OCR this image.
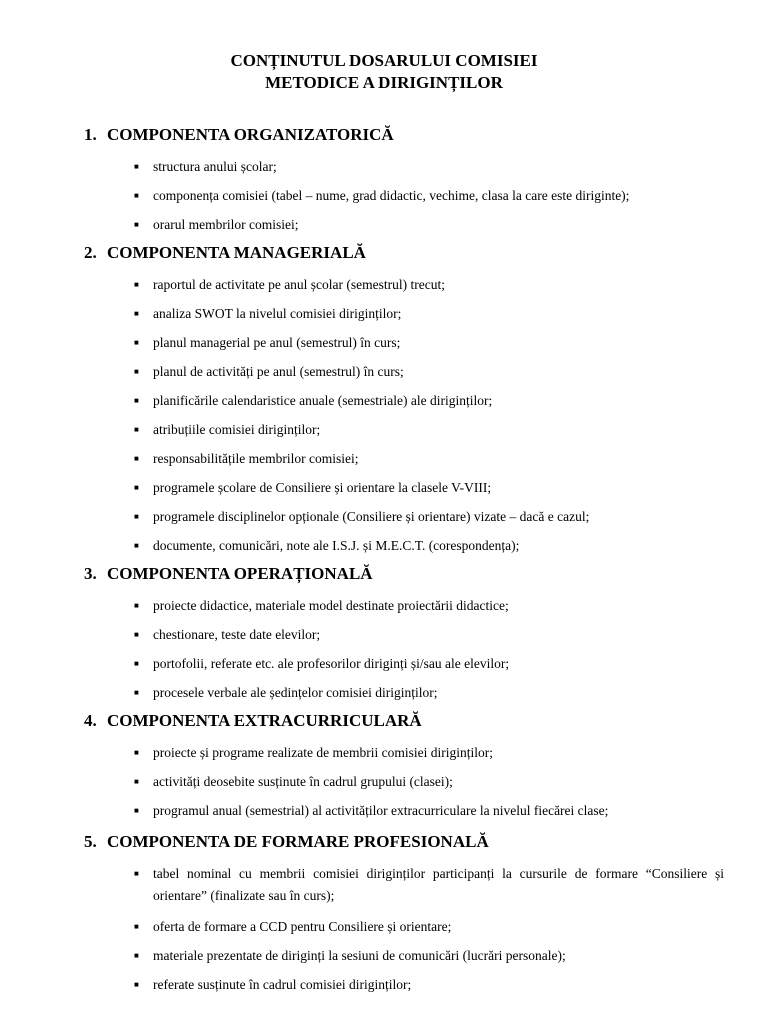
CONȚINUTUL DOSARULUI COMISIEI
METODICE A DIRIGINȚILOR
1. COMPONENTA ORGANIZATORICĂ
■ structura anului școlar;
■ componența comisiei (tabel – nume, grad didactic, vechime, clasa la care este diriginte);
■ orarul membrilor comisiei;
2. COMPONENTA MANAGERIALĂ
■ raportul de activitate pe anul școlar (semestrul) trecut;
■ analiza SWOT la nivelul comisiei diriginților;
■ planul managerial pe anul (semestrul) în curs;
■ planul de activități pe anul (semestrul) în curs;
■ planificările calendaristice anuale (semestriale) ale diriginților;
■ atribuțiile comisiei diriginților;
■ responsabilitățile membrilor comisiei;
■ programele școlare de Consiliere și orientare la clasele V-VIII;
■ programele disciplinelor opționale (Consiliere și orientare) vizate – dacă e cazul;
■ documente, comunicări, note ale I.S.J. și M.E.C.T. (corespondența);
3. COMPONENTA OPERAȚIONALĂ
■ proiecte didactice, materiale model destinate proiectării didactice;
■ chestionare, teste date elevilor;
■ portofolii, referate etc. ale profesorilor diriginți și/sau ale elevilor;
■ procesele verbale ale ședințelor comisiei diriginților;
4. COMPONENTA EXTRACURRICULARĂ
■ proiecte și programe realizate de membrii comisiei diriginților;
■ activități deosebite susținute în cadrul grupului (clasei);
■ programul anual (semestrial) al activităților extracurriculare la nivelul fiecărei clase;
5. COMPONENTA DE FORMARE PROFESIONALĂ
■ tabel nominal cu membrii comisiei diriginților participanți la cursurile de formare “Consiliere și orientare” (finalizate sau în curs);
■ oferta de formare a CCD pentru Consiliere și orientare;
■ materiale prezentate de diriginți la sesiuni de comunicări (lucrări personale);
■ referate susținute în cadrul comisiei diriginților;
